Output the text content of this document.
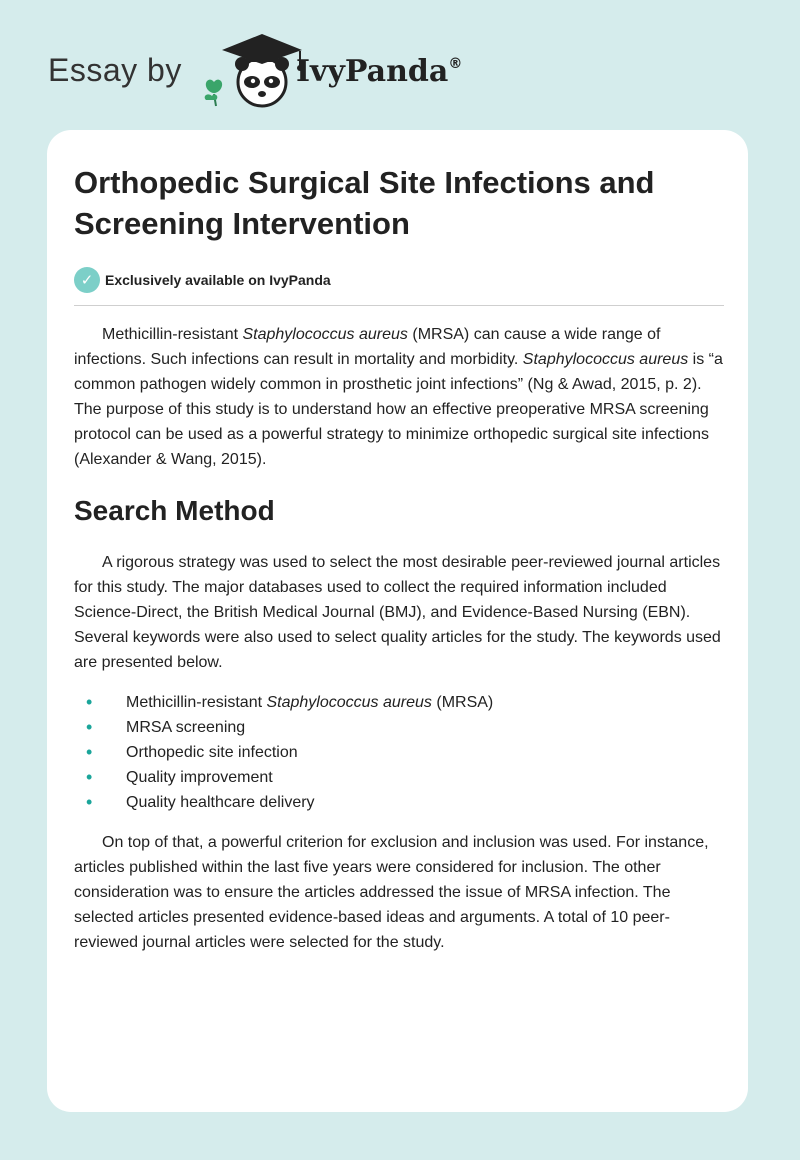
Essay by	IvyPanda®
Orthopedic Surgical Site Infections and Screening Intervention
✓ Exclusively available on IvyPanda

Methicillin-resistant Staphylococcus aureus (MRSA) can cause a wide range of infections. Such infections can result in mortality and morbidity. Staphylococcus aureus is “a common pathogen widely common in prosthetic joint infections” (Ng & Awad, 2015, p. 2). The purpose of this study is to understand how an effective preoperative MRSA screening protocol can be used as a powerful strategy to minimize orthopedic surgical site infections (Alexander & Wang, 2015).

Search Method

A rigorous strategy was used to select the most desirable peer-reviewed journal articles for this study. The major databases used to collect the required information included Science-Direct, the British Medical Journal (BMJ), and Evidence-Based Nursing (EBN). Several keywords were also used to select quality articles for the study. The keywords used are presented below.

• Methicillin-resistant Staphylococcus aureus (MRSA)
• MRSA screening
• Orthopedic site infection
• Quality improvement
• Quality healthcare delivery

On top of that, a powerful criterion for exclusion and inclusion was used. For instance, articles published within the last five years were considered for inclusion. The other consideration was to ensure the articles addressed the issue of MRSA infection. The selected articles presented evidence-based ideas and arguments. A total of 10 peer-reviewed journal articles were selected for the study.
